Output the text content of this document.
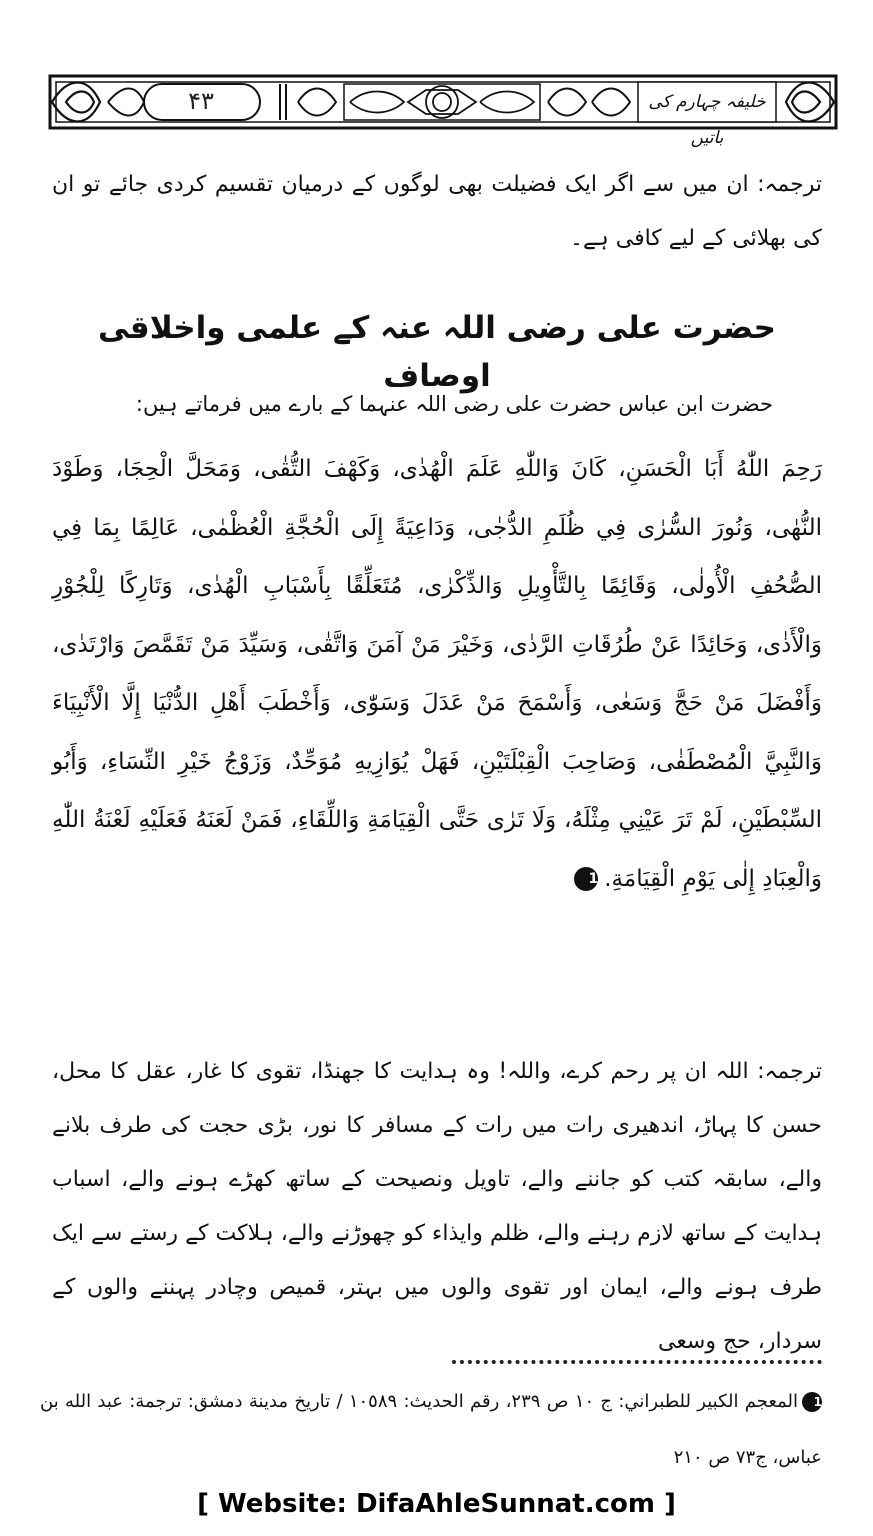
۴۳	خلیفہ چہارم کی باتیں
ترجمہ: ان میں سے اگر ایک فضیلت بھی لوگوں کے درمیان تقسیم کردی جائے تو ان کی بھلائی کے لیے کافی ہے۔
حضرت علی رضی اللہ عنہ کے علمی واخلاقی اوصاف
حضرت ابن عباس حضرت علی رضی اللہ عنہما کے بارے میں فرماتے ہیں:
رَحِمَ اللّٰهُ أَبَا الْحَسَنِ، كَانَ وَاللّٰهِ عَلَمَ الْهُدٰى، وَكَهْفَ التُّقٰى، وَمَحَلَّ الْحِجَا، وَطَوْدَ النُّهٰى، وَنُورَ السُّرٰى فِي ظُلَمِ الدُّجٰى، وَدَاعِيَةً إِلَى الْحُجَّةِ الْعُظْمٰى، عَالِمًا بِمَا فِي الصُّحُفِ الْأُولٰى، وَقَائِمًا بِالتَّأْوِيلِ وَالذِّكْرٰى، مُتَعَلِّقًا بِأَسْبَابِ الْهُدٰى، وَتَارِكًا لِلْجُوْرِ وَالْأَذٰى، وَحَائِدًا عَنْ طُرُقَاتِ الرَّدٰى، وَخَيْرَ مَنْ آمَنَ وَاتَّقٰى، وَسَيِّدَ مَنْ تَقَمَّصَ وَارْتَدٰى، وَأَفْضَلَ مَنْ حَجَّ وَسَعٰى، وَأَسْمَحَ مَنْ عَدَلَ وَسَوّٰى، وَأَخْطَبَ أَهْلِ الدُّنْيَا إِلَّا الْأَنْبِيَاءَ وَالنَّبِيَّ الْمُصْطَفٰى، وَصَاحِبَ الْقِبْلَتَيْنِ، فَهَلْ يُوَازِيهِ مُوَحِّدٌ، وَزَوْجُ خَيْرِ النِّسَاءِ، وَأَبُو السِّبْطَيْنِ، لَمْ تَرَ عَيْنِي مِثْلَهُ، وَلَا تَرٰى حَتَّى الْقِيَامَةِ وَاللِّقَاءِ، فَمَنْ لَعَنَهُ فَعَلَيْهِ لَعْنَةُ اللّٰهِ وَالْعِبَادِ إِلٰى يَوْمِ الْقِيَامَةِ.1
ترجمہ: اللہ ان پر رحم کرے، واللہ! وہ ہدایت کا جھنڈا، تقوی کا غار، عقل کا محل، حسن کا پہاڑ، اندھیری رات میں رات کے مسافر کا نور، بڑی حجت کی طرف بلانے والے، سابقہ کتب کو جاننے والے، تاویل ونصیحت کے ساتھ کھڑے ہونے والے، اسباب ہدایت کے ساتھ لازم رہنے والے، ظلم وایذاء کو چھوڑنے والے، ہلاکت کے رستے سے ایک طرف ہونے والے، ایمان اور تقوی والوں میں بہتر، قمیص وچادر پہننے والوں کے سردار، حج وسعی
1المعجم الكبير للطبراني: ج ١٠ ص ٢٣٩، رقم الحديث: ١٠٥٨٩ / تاريخ مدينة دمشق: ترجمة: عبد الله بن عباس، ج٧٣ ص ٢١٠
[ Website: DifaAhleSunnat.com ]
